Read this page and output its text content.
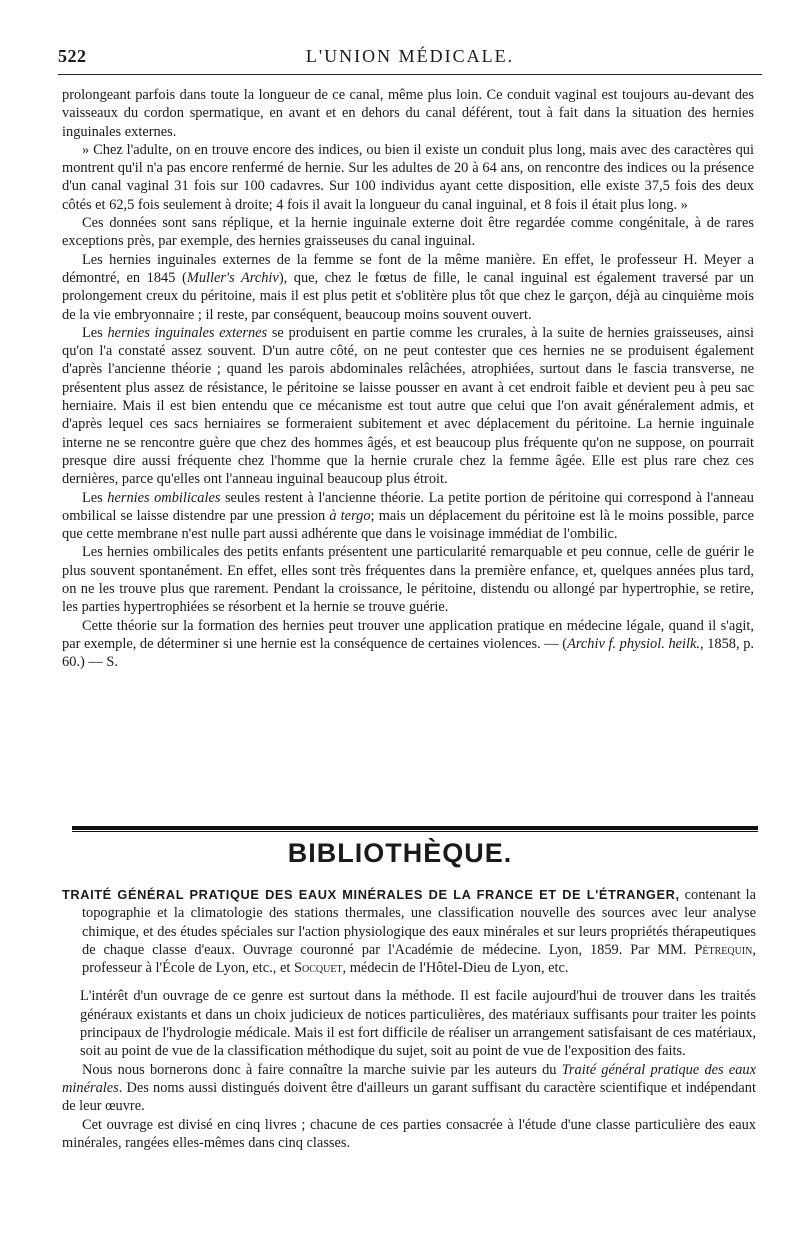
522	L'UNION MÉDICALE.

prolongeant parfois dans toute la longueur de ce canal, même plus loin. Ce conduit vaginal est toujours au-devant des vaisseaux du cordon spermatique, en avant et en dehors du canal déférent, tout à fait dans la situation des hernies inguinales externes.

» Chez l'adulte, on en trouve encore des indices, ou bien il existe un conduit plus long, mais avec des caractères qui montrent qu'il n'a pas encore renfermé de hernie. Sur les adultes de 20 à 64 ans, on rencontre des indices ou la présence d'un canal vaginal 31 fois sur 100 cadavres. Sur 100 individus ayant cette disposition, elle existe 37,5 fois des deux côtés et 62,5 fois seulement à droite; 4 fois il avait la longueur du canal inguinal, et 8 fois il était plus long. »

Ces données sont sans réplique, et la hernie inguinale externe doit être regardée comme congénitale, à de rares exceptions près, par exemple, des hernies graisseuses du canal inguinal.

Les hernies inguinales externes de la femme se font de la même manière. En effet, le professeur H. Meyer a démontré, en 1845 (Muller's Archiv), que, chez le fœtus de fille, le canal inguinal est également traversé par un prolongement creux du péritoine, mais il est plus petit et s'oblitère plus tôt que chez le garçon, déjà au cinquième mois de la vie embryonnaire ; il reste, par conséquent, beaucoup moins souvent ouvert.

Les hernies inguinales externes se produisent en partie comme les crurales, à la suite de hernies graisseuses, ainsi qu'on l'a constaté assez souvent. D'un autre côté, on ne peut contester que ces hernies ne se produisent également d'après l'ancienne théorie ; quand les parois abdominales relâchées, atrophiées, surtout dans le fascia transverse, ne présentent plus assez de résistance, le péritoine se laisse pousser en avant à cet endroit faible et devient peu à peu sac herniaire. Mais il est bien entendu que ce mécanisme est tout autre que celui que l'on avait généralement admis, et d'après lequel ces sacs herniaires se formeraient subitement et avec déplacement du péritoine. La hernie inguinale interne ne se rencontre guère que chez des hommes âgés, et est beaucoup plus fréquente qu'on ne suppose, on pourrait presque dire aussi fréquente chez l'homme que la hernie crurale chez la femme âgée. Elle est plus rare chez ces dernières, parce qu'elles ont l'anneau inguinal beaucoup plus étroit.

Les hernies ombilicales seules restent à l'ancienne théorie. La petite portion de péritoine qui correspond à l'anneau ombilical se laisse distendre par une pression à tergo; mais un déplacement du péritoine est là le moins possible, parce que cette membrane n'est nulle part aussi adhérente que dans le voisinage immédiat de l'ombilic.

Les hernies ombilicales des petits enfants présentent une particularité remarquable et peu connue, celle de guérir le plus souvent spontanément. En effet, elles sont très fréquentes dans la première enfance, et, quelques années plus tard, on ne les trouve plus que rarement. Pendant la croissance, le péritoine, distendu ou allongé par hypertrophie, se retire, les parties hypertrophiées se résorbent et la hernie se trouve guérie.

Cette théorie sur la formation des hernies peut trouver une application pratique en médecine légale, quand il s'agit, par exemple, de déterminer si une hernie est la conséquence de certaines violences. — (Archiv f. physiol. heilk., 1858, p. 60.) — S.

BIBLIOTHÈQUE.

TRAITÉ GÉNÉRAL PRATIQUE DES EAUX MINÉRALES DE LA FRANCE ET DE L'ÉTRANGER, contenant la topographie et la climatologie des stations thermales, une classification nouvelle des sources avec leur analyse chimique, et des études spéciales sur l'action physiologique des eaux minérales et sur leurs propriétés thérapeutiques de chaque classe d'eaux. Ouvrage couronné par l'Académie de médecine. Lyon, 1859. Par MM. Pétrequin, professeur à l'École de Lyon, etc., et Socquet, médecin de l'Hôtel-Dieu de Lyon, etc.

L'intérêt d'un ouvrage de ce genre est surtout dans la méthode. Il est facile aujourd'hui de trouver dans les traités généraux existants et dans un choix judicieux de notices particulières, des matériaux suffisants pour traiter les points principaux de l'hydrologie médicale. Mais il est fort difficile de réaliser un arrangement satisfaisant de ces matériaux, soit au point de vue de la classification méthodique du sujet, soit au point de vue de l'exposition des faits.

Nous nous bornerons donc à faire connaître la marche suivie par les auteurs du Traité général pratique des eaux minérales. Des noms aussi distingués doivent être d'ailleurs un garant suffisant du caractère scientifique et indépendant de leur œuvre.

Cet ouvrage est divisé en cinq livres ; chacune de ces parties consacrée à l'étude d'une classe particulière des eaux minérales, rangées elles-mêmes dans cinq classes.
